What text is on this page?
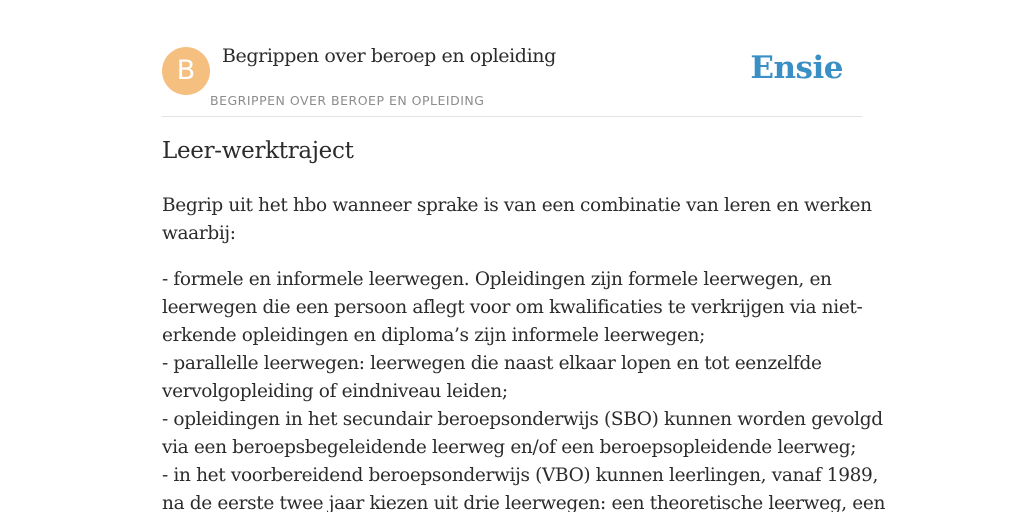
B	Begrippen over beroep en opleiding
BEGRIPPEN OVER BEROEP EN OPLEIDING
Ensie
Leer-werktraject

Begrip uit het hbo wanneer sprake is van een combinatie van leren en werken
waarbij:

- formele en informele leerwegen. Opleidingen zijn formele leerwegen, en
leerwegen die een persoon aflegt voor om kwalificaties te verkrijgen via niet-
erkende opleidingen en diploma’s zijn informele leerwegen;
- parallelle leerwegen: leerwegen die naast elkaar lopen en tot eenzelfde
vervolgopleiding of eindniveau leiden;
- opleidingen in het secundair beroepsonderwijs (SBO) kunnen worden gevolgd
via een beroepsbegeleidende leerweg en/of een beroepsopleidende leerweg;
- in het voorbereidend beroepsonderwijs (VBO) kunnen leerlingen, vanaf 1989,
na de eerste twee jaar kiezen uit drie leerwegen: een theoretische leerweg, een
